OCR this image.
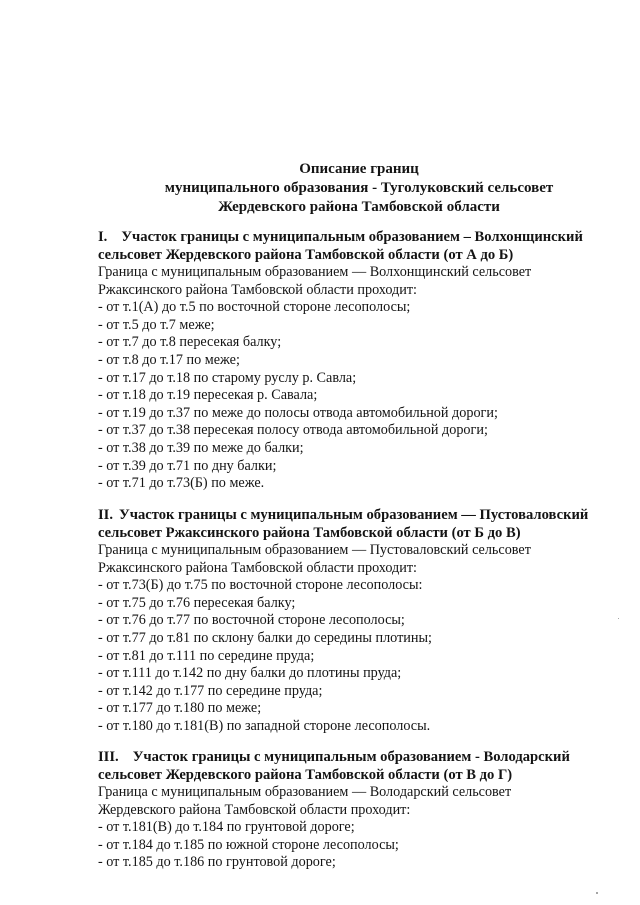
Описание границ
муниципального образования - Туголуковский сельсовет
Жердевского района Тамбовской области
I. Участок границы с муниципальным образованием – Волхонщинский
сельсовет Жердевского района Тамбовской области (от А до Б)
Граница с муниципальным образованием — Волхонщинский сельсовет
Ржаксинского района Тамбовской области проходит:
- от т.1(А) до т.5 по восточной стороне лесополосы;
- от т.5 до т.7 меже;
- от т.7 до т.8 пересекая балку;
- от т.8 до т.17 по меже;
- от т.17 до т.18 по старому руслу р. Савла;
- от т.18 до т.19 пересекая р. Савала;
- от т.19 до т.37 по меже до полосы отвода автомобильной дороги;
- от т.37 до т.38 пересекая полосу отвода автомобильной дороги;
- от т.38 до т.39 по меже до балки;
- от т.39 до т.71 по дну балки;
- от т.71 до т.73(Б) по меже.
II. Участок границы с муниципальным образованием — Пустоваловский
сельсовет Ржаксинского района Тамбовской области (от Б до В)
Граница с муниципальным образованием — Пустоваловский сельсовет
Ржаксинского района Тамбовской области проходит:
- от т.73(Б) до т.75 по восточной стороне лесополосы:
- от т.75 до т.76 пересекая балку;
- от т.76 до т.77 по восточной стороне лесополосы;
- от т.77 до т.81 по склону балки до середины плотины;
- от т.81 до т.111 по середине пруда;
- от т.111 до т.142 по дну балки до плотины пруда;
- от т.142 до т.177 по середине пруда;
- от т.177 до т.180 по меже;
- от т.180 до т.181(В) по западной стороне лесополосы.
III. Участок границы с муниципальным образованием - Володарский
сельсовет Жердевского района Тамбовской области (от В до Г)
Граница с муниципальным образованием — Володарский сельсовет
Жердевского района Тамбовской области проходит:
- от т.181(В) до т.184 по грунтовой дороге;
- от т.184 до т.185 по южной стороне лесополосы;
- от т.185 до т.186 по грунтовой дороге;
